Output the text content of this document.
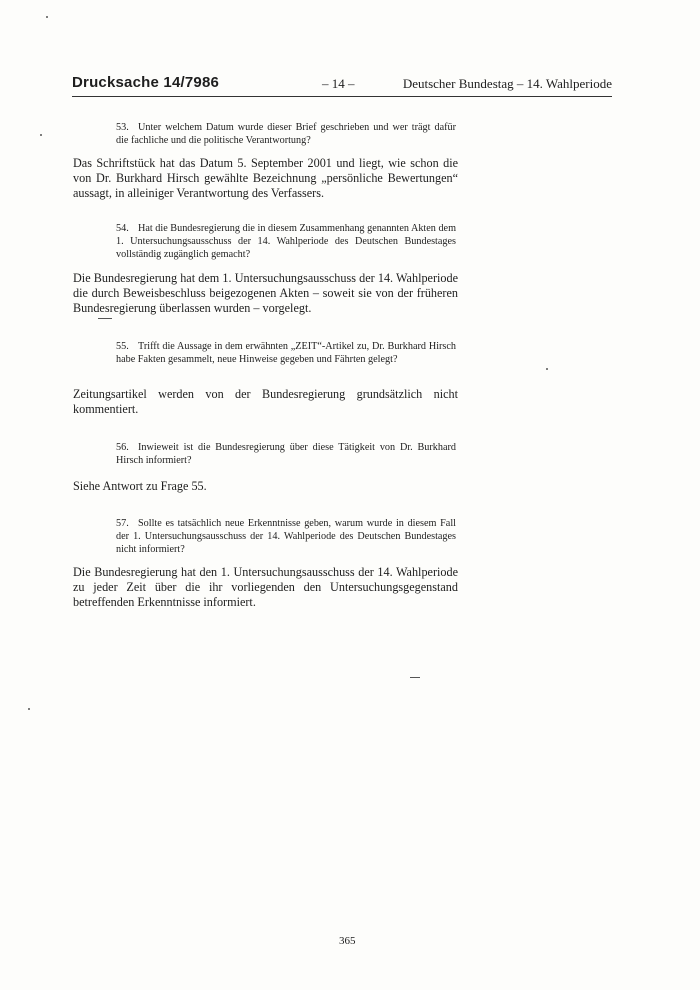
Drucksache 14/7986	– 14 –	Deutscher Bundestag – 14. Wahlperiode
53. Unter welchem Datum wurde dieser Brief geschrieben und wer trägt dafür die fachliche und die politische Verantwortung?
Das Schriftstück hat das Datum 5. September 2001 und liegt, wie schon die von Dr. Burkhard Hirsch gewählte Bezeichnung „persönliche Bewertungen“ aussagt, in alleiniger Verantwortung des Verfassers.
54. Hat die Bundesregierung die in diesem Zusammenhang genannten Akten dem 1. Untersuchungsausschuss der 14. Wahlperiode des Deutschen Bundestages vollständig zugänglich gemacht?
Die Bundesregierung hat dem 1. Untersuchungsausschuss der 14. Wahlperiode die durch Beweisbeschluss beigezogenen Akten – soweit sie von der früheren Bundesregierung überlassen wurden – vorgelegt.
55. Trifft die Aussage in dem erwähnten „ZEIT“-Artikel zu, Dr. Burkhard Hirsch habe Fakten gesammelt, neue Hinweise gegeben und Fährten gelegt?
Zeitungsartikel werden von der Bundesregierung grundsätzlich nicht kommentiert.
56. Inwieweit ist die Bundesregierung über diese Tätigkeit von Dr. Burkhard Hirsch informiert?
Siehe Antwort zu Frage 55.
57. Sollte es tatsächlich neue Erkenntnisse geben, warum wurde in diesem Fall der 1. Untersuchungsausschuss der 14. Wahlperiode des Deutschen Bundestages nicht informiert?
Die Bundesregierung hat den 1. Untersuchungsausschuss der 14. Wahlperiode zu jeder Zeit über die ihr vorliegenden den Untersuchungsgegenstand betreffenden Erkenntnisse informiert.
365
